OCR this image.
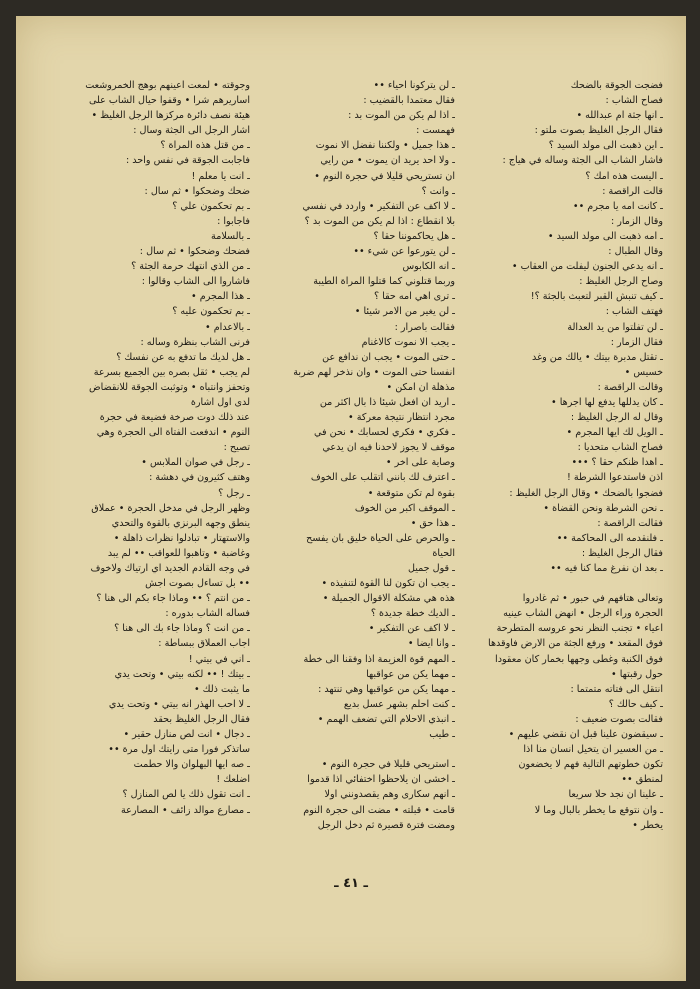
فضجت الجوقة بالضحك
فصاح الشاب :
ـ انها جثة ام عبدالله •
فقال الرجل الغليظ بصوت ملتو :
ـ اين ذهبت الى مولد السيد ؟
فاشار الشاب الى الجثة وساله في هياج :
ـ اليست هذه امك ؟
قالت الراقصة :
ـ كانت امه يا مجرم ••
وقال الزمار :
ـ امه ذهبت الى مولد السيد •
وقال الطبال :
ـ انه يدعي الجنون ليفلت من العقاب •
وصاح الرجل الغليظ :
ـ كيف تنبش القبر لتعبث بالجثة ؟!
فهتف الشاب :
ـ لن تفلتوا من يد العدالة
فقال الزمار :
ـ تقتل مدبرة بيتك • يالك من وغد
خسيس •
وقالت الراقصة :
ـ كان يدللها يدفع لها اجرها •
وقال له الرجل الغليظ :
ـ الويل لك ايها المجرم •
فصاح الشاب متحديا :
ـ اهدا ظنكم حقا ؟ •••
اذن فاستدعوا الشرطة !
فضجوا بالضحك • وقال الرجل الغليظ :
ـ نحن الشرطة ونحن القضاة •
فقالت الراقصة :
ـ فلنقدمه الى المحاكمة ••
فقال الرجل الغليظ :
ـ بعد ان نفرغ مما كنا فيه ••

وتعالى هتافهم في حبور • ثم غادروا
الحجرة وراء الرجل • انهض الشاب عينيه
اعياء • تجنب النظر نحو عروسه المتطرحة
فوق المقعد • ورفع الجثة من الارض فاوقدها
فوق الكنبة وغطى وجهها بخمار كان معقودا
حول رقبتها •
انتقل الى فتاته متمتما :
ـ كيف حالك ؟
فقالت بصوت ضعيف :
ـ سيقضون علينا قبل ان نقضي عليهم •
ـ من العسير ان يتخيل انسان منا اذا
تكون خطوتهم التالية فهم لا يخضعون
لمنطق ••
ـ علينا ان نجد حلا سريعا
ـ وان نتوقع ما يخطر بالبال وما لا
يخطر •
ـ لن يتركونا احياء ••
فقال معتمدا بالقضيب :
ـ اذا لم يكن من الموت بد :
فهمست :
ـ هذا جميل • ولكننا نفضل الا نموت
ـ ولا احد يريد ان يموت • من رايي
ان تستريحي قليلا في حجرة النوم •
ـ وانت ؟
ـ لا اكف عن التفكير • واردد في نفسي
بلا انقطاع : اذا لم يكن من الموت بد ؟
ـ هل يحاكموننا حقا ؟
ـ لن يتورعوا عن شيء ••
ـ انه الكابوس
وربما قتلوني كما قتلوا المراة الطيبة
ـ ترى اهي امه حقا ؟
ـ لن يغير من الامر شيئا •
فقالت باصرار :
ـ يجب الا نموت كالاغنام
ـ حتى الموت • يجب ان ندافع عن
انفسنا حتى الموت • وان نذخر لهم ضربة
مذهلة ان امكن •
ـ اريد ان افعل شيئا ذا بال اكثر من
مجرد انتظار نتيجة معركة •
ـ فكري • فكري لحسابك • نحن في
موقف لا يجوز لاحدنا فيه ان يدعي
وصاية على اخر •
ـ اعترف لك بانني اتقلب على الخوف
بقوة لم تكن متوقعة •
ـ الموقف اكبر من الخوف
ـ هذا حق •
ـ والحرص على الحياة خليق بان يفسح
الحياة
ـ قول جميل
ـ يجب ان تكون لنا القوة لتنفيذه •
هذه هي مشكلة الاقوال الجميلة •
ـ الديك خطة جديدة ؟
ـ لا اكف عن التفكير •
ـ وانا ايضا •
ـ المهم قوة العزيمة اذا وفقنا الى خطة
ـ مهما يكن من عواقبها
ـ مهما يكن من عواقبها وهي تنتهد :
ـ كنت احلم بشهر عسل بديع
ـ انبذي الاحلام التي تضعف الهمم •
ـ طيب

ـ استريحي قليلا في حجرة النوم •
ـ اخشى ان يلاحظوا اختفائي اذا قدموا
ـ انهم سكارى وهم يقصدونني اولا
قامت • قبلته • مضت الى حجرة النوم
ومضت فترة قصيرة ثم دخل الرجل
وجوقته • لمعت اعينهم بوهج الخمروشعت
اساريرهم شرا • وقفوا حيال الشاب على
هيئة نصف دائرة مركزها الرجل الغليظ •
اشار الرجل الى الجثة وسال :
ـ من قتل هذه المراة ؟
فاجابت الجوقة في نفس واحد :
ـ انت يا معلم !
ضحك وضحكوا • ثم سال :
ـ بم تحكمون علي ؟
فاجابوا :
ـ بالسلامة
فضحك وضحكوا • ثم سال :
ـ من الذي انتهك حرمة الجثة ؟
فاشاروا الى الشاب وقالوا :
ـ هذا المجرم •
ـ بم تحكمون عليه ؟
ـ بالاعدام •
فرنى الشاب بنظرة وساله :
ـ هل لديك ما تدفع به عن نفسك ؟
لم يجب • ثقل بصره بين الجميع بسرعة
وتحفز وانتباه • وتوثبت الجوقة للانقضاض
لدى اول اشارة
عند ذلك دوت صرخة فضيعة في حجرة
النوم • اندفعت الفتاة الى الحجرة وهي
تصيح :
ـ رجل في صوان الملابس •
وهتف كثيرون في دهشة :
ـ رجل ؟
وظهر الرجل في مدخل الحجرة • عملاق
ينطق وجهه البرنزي بالقوة والتحدي
والاستهتار • تبادلوا نظرات ذاهلة •
وغاضبة • وتاهبوا للعواقب •• لم يبد
في وجه القادم الجديد اي ارتياك ولاخوف
•• بل تساءل بصوت اجش
ـ من انتم ؟ •• وماذا جاء بكم الى هنا ؟
فساله الشاب بدوره :
ـ من انت ؟ وماذا جاء بك الى هنا ؟
اجاب العملاق ببساطة :
ـ اني في بيتي !
ـ بيتك ! •• لكنه بيتي • وتحت يدي
ما يثبت ذلك •
ـ لا احب الهذر انه بيتي • وتحت يدي
فقال الرجل الغليظ بحقد
ـ دجال • انت لص منازل حقير •
ساتذكر فورا متى رايتك اول مرة ••
ـ صه ايها البهلوان والا حطمت
اضلعك !
ـ انت تقول ذلك يا لص المنازل ؟
ـ مصارع موالد زائف • المصارعة
ـ ٤١ ـ
